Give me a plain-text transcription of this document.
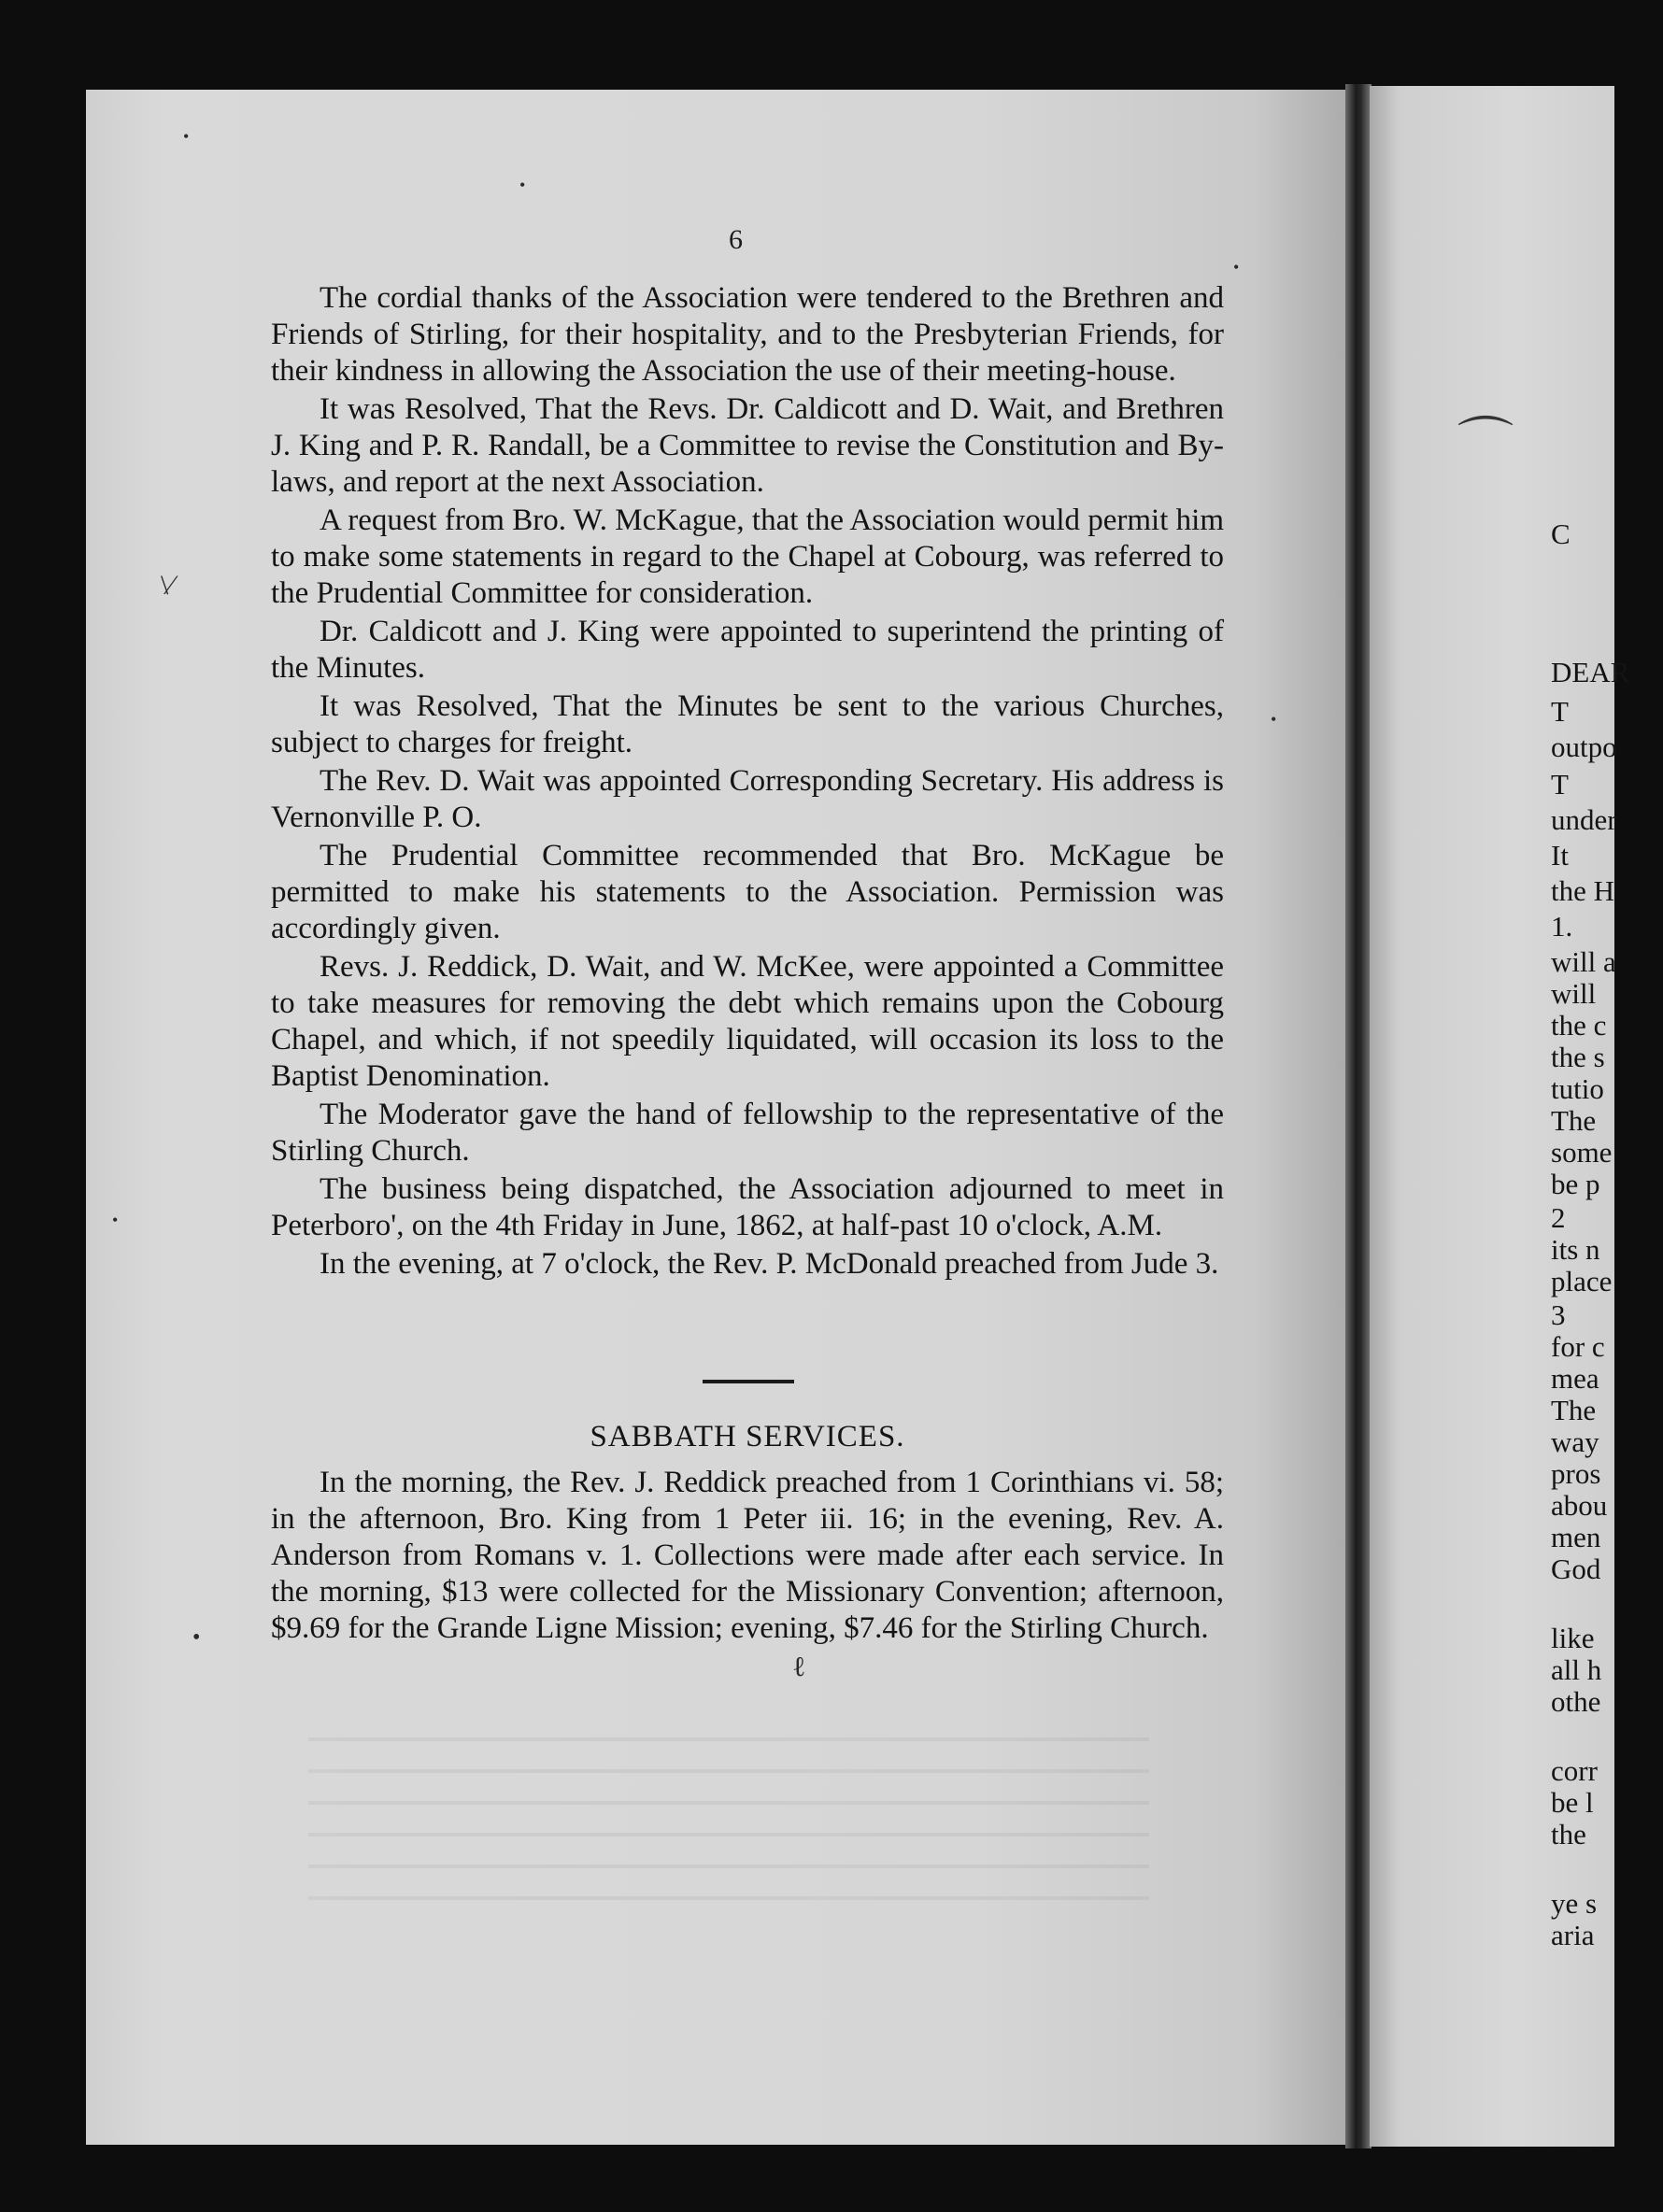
6

The cordial thanks of the Association were tendered to the Brethren and Friends of Stirling, for their hospitality, and to the Presbyterian Friends, for their kindness in allowing the Association the use of their meeting-house.

It was Resolved, That the Revs. Dr. Caldicott and D. Wait, and Brethren J. King and P. R. Randall, be a Committee to revise the Constitution and By-laws, and report at the next Association.

A request from Bro. W. McKague, that the Association would permit him to make some statements in regard to the Chapel at Cobourg, was referred to the Prudential Committee for consideration.

Dr. Caldicott and J. King were appointed to superintend the printing of the Minutes.

It was Resolved, That the Minutes be sent to the various Churches, subject to charges for freight.

The Rev. D. Wait was appointed Corresponding Secretary. His address is Vernonville P. O.

The Prudential Committee recommended that Bro. McKague be permitted to make his statements to the Association. Permission was accordingly given.

Revs. J. Reddick, D. Wait, and W. McKee, were appointed a Committee to take measures for removing the debt which remains upon the Cobourg Chapel, and which, if not speedily liquidated, will occasion its loss to the Baptist Denomination.

The Moderator gave the hand of fellowship to the representative of the Stirling Church.

The business being dispatched, the Association adjourned to meet in Peterboro', on the 4th Friday in June, 1862, at half-past 10 o'clock, A.M.

In the evening, at 7 o'clock, the Rev. P. McDonald preached from Jude 3.

SABBATH SERVICES.

In the morning, the Rev. J. Reddick preached from 1 Corinthians vi. 58; in the afternoon, Bro. King from 1 Peter iii. 16; in the evening, Rev. A. Anderson from Romans v. 1. Collections were made after each service. In the morning, $13 were collected for the Missionary Convention; afternoon, $9.69 for the Grande Ligne Mission; evening, $7.46 for the Stirling Church.

C
DEAR
T
outpo
T
under
It
the H
1.
will a
will
the c
the s
tutio
The
some
be p
2
its n
place
3
for c
mea
The
way
pros
abou
men
God
like
all h
othe
corr
be l
the
ye s
aria
•
•
•
\⁄
•
•
•
ℓ
⌒
